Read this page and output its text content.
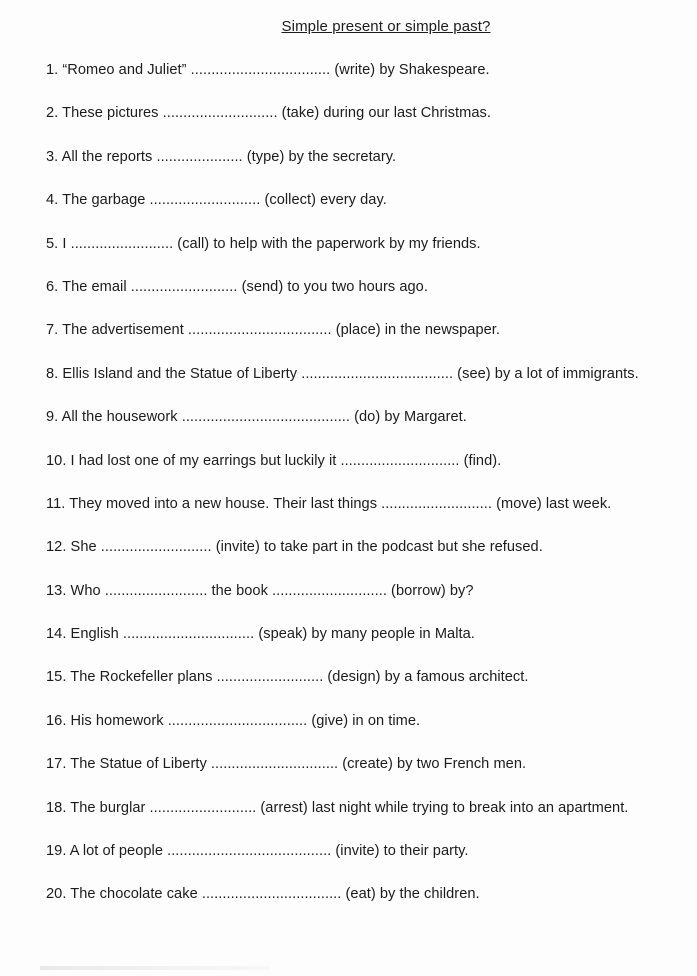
Simple present or simple past?
1. “Romeo and Juliet” .................................. (write) by Shakespeare.
2. These pictures ............................ (take) during our last Christmas.
3. All the reports ..................... (type) by the secretary.
4. The garbage ........................... (collect) every day.
5. I ......................... (call) to help with the paperwork by my friends.
6. The email .......................... (send) to you two hours ago.
7. The advertisement ................................... (place) in the newspaper.
8. Ellis Island and the Statue of Liberty ..................................... (see) by a lot of immigrants.
9. All the housework ......................................... (do) by Margaret.
10. I had lost one of my earrings but luckily it ............................. (find).
11. They moved into a new house. Their last things ........................... (move) last week.
12. She ........................... (invite) to take part in the podcast but she refused.
13. Who ......................... the book ............................ (borrow) by?
14. English ................................ (speak) by many people in Malta.
15. The Rockefeller plans .......................... (design) by a famous architect.
16. His homework .................................. (give) in on time.
17. The Statue of Liberty ............................... (create) by two French men.
18. The burglar .......................... (arrest) last night while trying to break into an apartment.
19. A lot of people ........................................ (invite) to their party.
20. The chocolate cake .................................. (eat) by the children.
